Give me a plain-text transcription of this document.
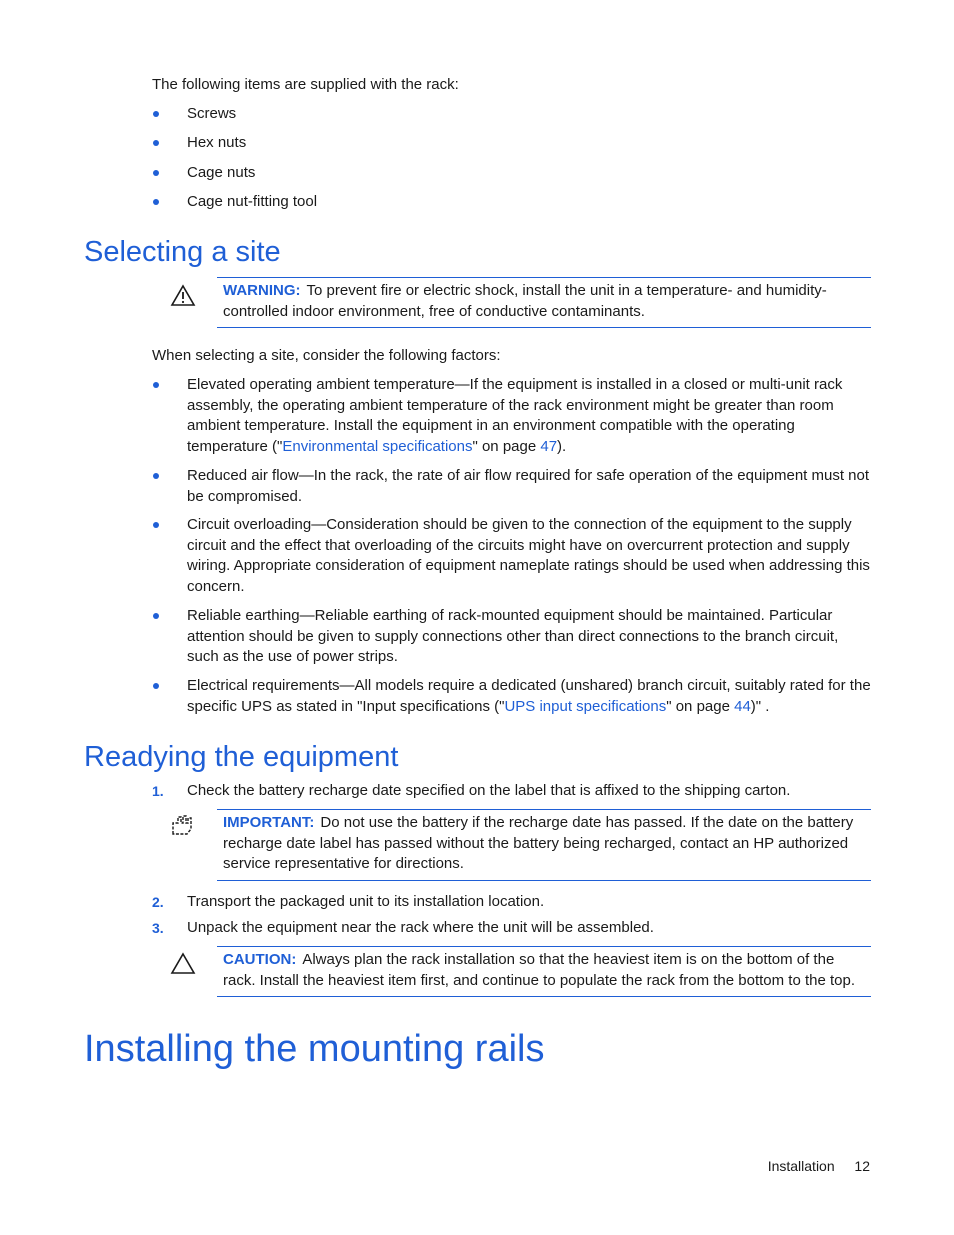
The following items are supplied with the rack:
Screws
Hex nuts
Cage nuts
Cage nut-fitting tool
Selecting a site
WARNING: To prevent fire or electric shock, install the unit in a temperature- and humidity-controlled indoor environment, free of conductive contaminants.
When selecting a site, consider the following factors:
Elevated operating ambient temperature—If the equipment is installed in a closed or multi-unit rack assembly, the operating ambient temperature of the rack environment might be greater than room ambient temperature. Install the equipment in an environment compatible with the operating temperature ("Environmental specifications" on page 47).
Reduced air flow—In the rack, the rate of air flow required for safe operation of the equipment must not be compromised.
Circuit overloading—Consideration should be given to the connection of the equipment to the supply circuit and the effect that overloading of the circuits might have on overcurrent protection and supply wiring. Appropriate consideration of equipment nameplate ratings should be used when addressing this concern.
Reliable earthing—Reliable earthing of rack-mounted equipment should be maintained. Particular attention should be given to supply connections other than direct connections to the branch circuit, such as the use of power strips.
Electrical requirements—All models require a dedicated (unshared) branch circuit, suitably rated for the specific UPS as stated in "Input specifications ("UPS input specifications" on page 44)" .
Readying the equipment
1. Check the battery recharge date specified on the label that is affixed to the shipping carton.
IMPORTANT: Do not use the battery if the recharge date has passed. If the date on the battery recharge date label has passed without the battery being recharged, contact an HP authorized service representative for directions.
2. Transport the packaged unit to its installation location.
3. Unpack the equipment near the rack where the unit will be assembled.
CAUTION: Always plan the rack installation so that the heaviest item is on the bottom of the rack. Install the heaviest item first, and continue to populate the rack from the bottom to the top.
Installing the mounting rails
Installation 12
